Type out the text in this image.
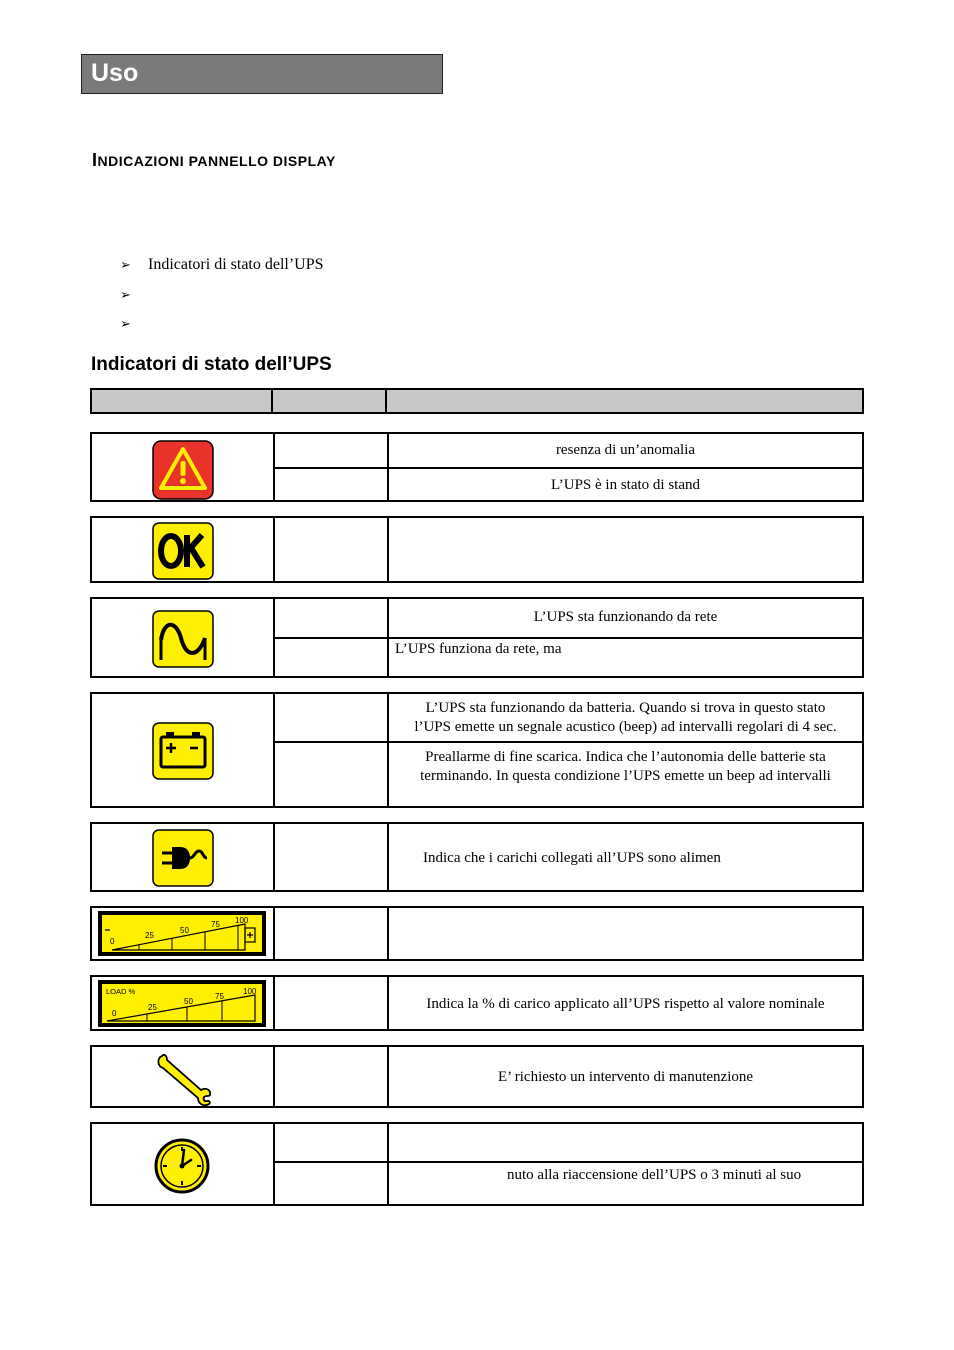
Uso
INDICAZIONI PANNELLO DISPLAY
➢ Indicatori di stato dell’UPS
➢
➢
Indicatori di stato dell’UPS
resenza di un’anomalia
L’UPS è in stato di stand
L’UPS sta funzionando da rete
L’UPS funziona da rete, ma
L’UPS sta funzionando da batteria. Quando si trova in questo stato
l’UPS emette un segnale acustico (beep) ad intervalli regolari di 4 sec.
Preallarme di fine scarica. Indica che l’autonomia delle batterie sta
terminando. In questa condizione l’UPS emette un beep ad intervalli
Indica che i carichi collegati all’UPS sono alimen
0
25
50
75 100
Indica la % di carico applicato all’UPS rispetto al valore nominale
LOAD %
0
25
50
75
100
E’ richiesto un intervento di manutenzione
nuto alla riaccensione dell’UPS o 3 minuti al suo
